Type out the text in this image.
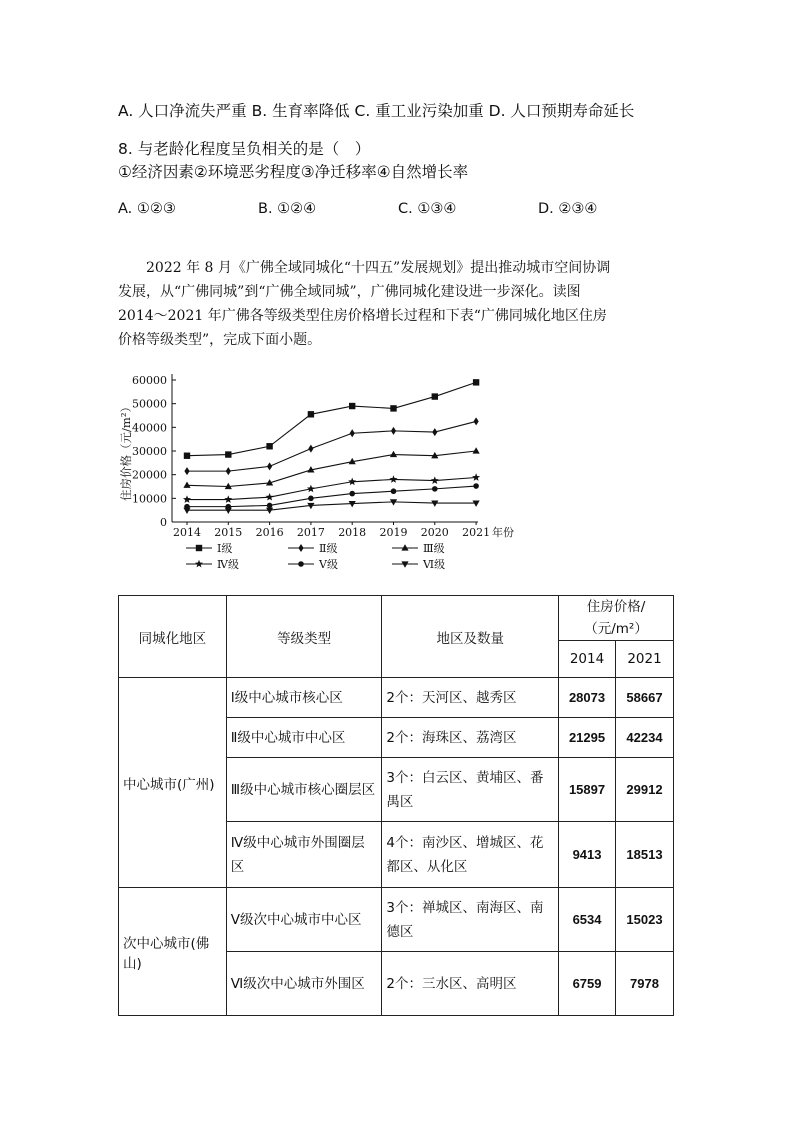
A. 人口净流失严重 B. 生育率降低 C. 重工业污染加重 D. 人口预期寿命延长
8. 与老龄化程度呈负相关的是（　）
①经济因素②环境恶劣程度③净迁移率④自然增长率
A. ①②③	B. ①②④	C. ①③④	D. ②③④

2022 年 8 月《广佛全域同城化“十四五”发展规划》提出推动城市空间协调

发展，从“广佛同城”到“广佛全域同城”，广佛同城化建设进一步深化。读图

2014～2021 年广佛各等级类型住房价格增长过程和下表“广佛同城化地区住房

价格等级类型”，完成下面小题。

0
10000
20000
30000
40000
50000
60000
2014 2015 2016 2017 2018 2019 2020 2021 年份
住房价格（元/m²）
Ⅰ级	Ⅱ级	Ⅲ级
Ⅳ级	Ⅴ级	Ⅵ级
同城化地区	等级类型	地区及数量	住房价格/（元/m²）	
			2014	2021
中心城市(广州)	Ⅰ级中心城市核心区	2个：天河区、越秀区	28073	58667
	Ⅱ级中心城市中心区	2个：海珠区、荔湾区	21295	42234
	Ⅲ级中心城市核心圈层区	3个：白云区、黄埔区、番禺区	15897	29912
	Ⅳ级中心城市外围圈层区	4个：南沙区、增城区、花都区、从化区	9413	18513
次中心城市(佛山)	Ⅴ级次中心城市中心区	3个：禅城区、南海区、南德区	6534	15023
	Ⅵ级次中心城市外围区	2个：三水区、高明区	6759	7978
